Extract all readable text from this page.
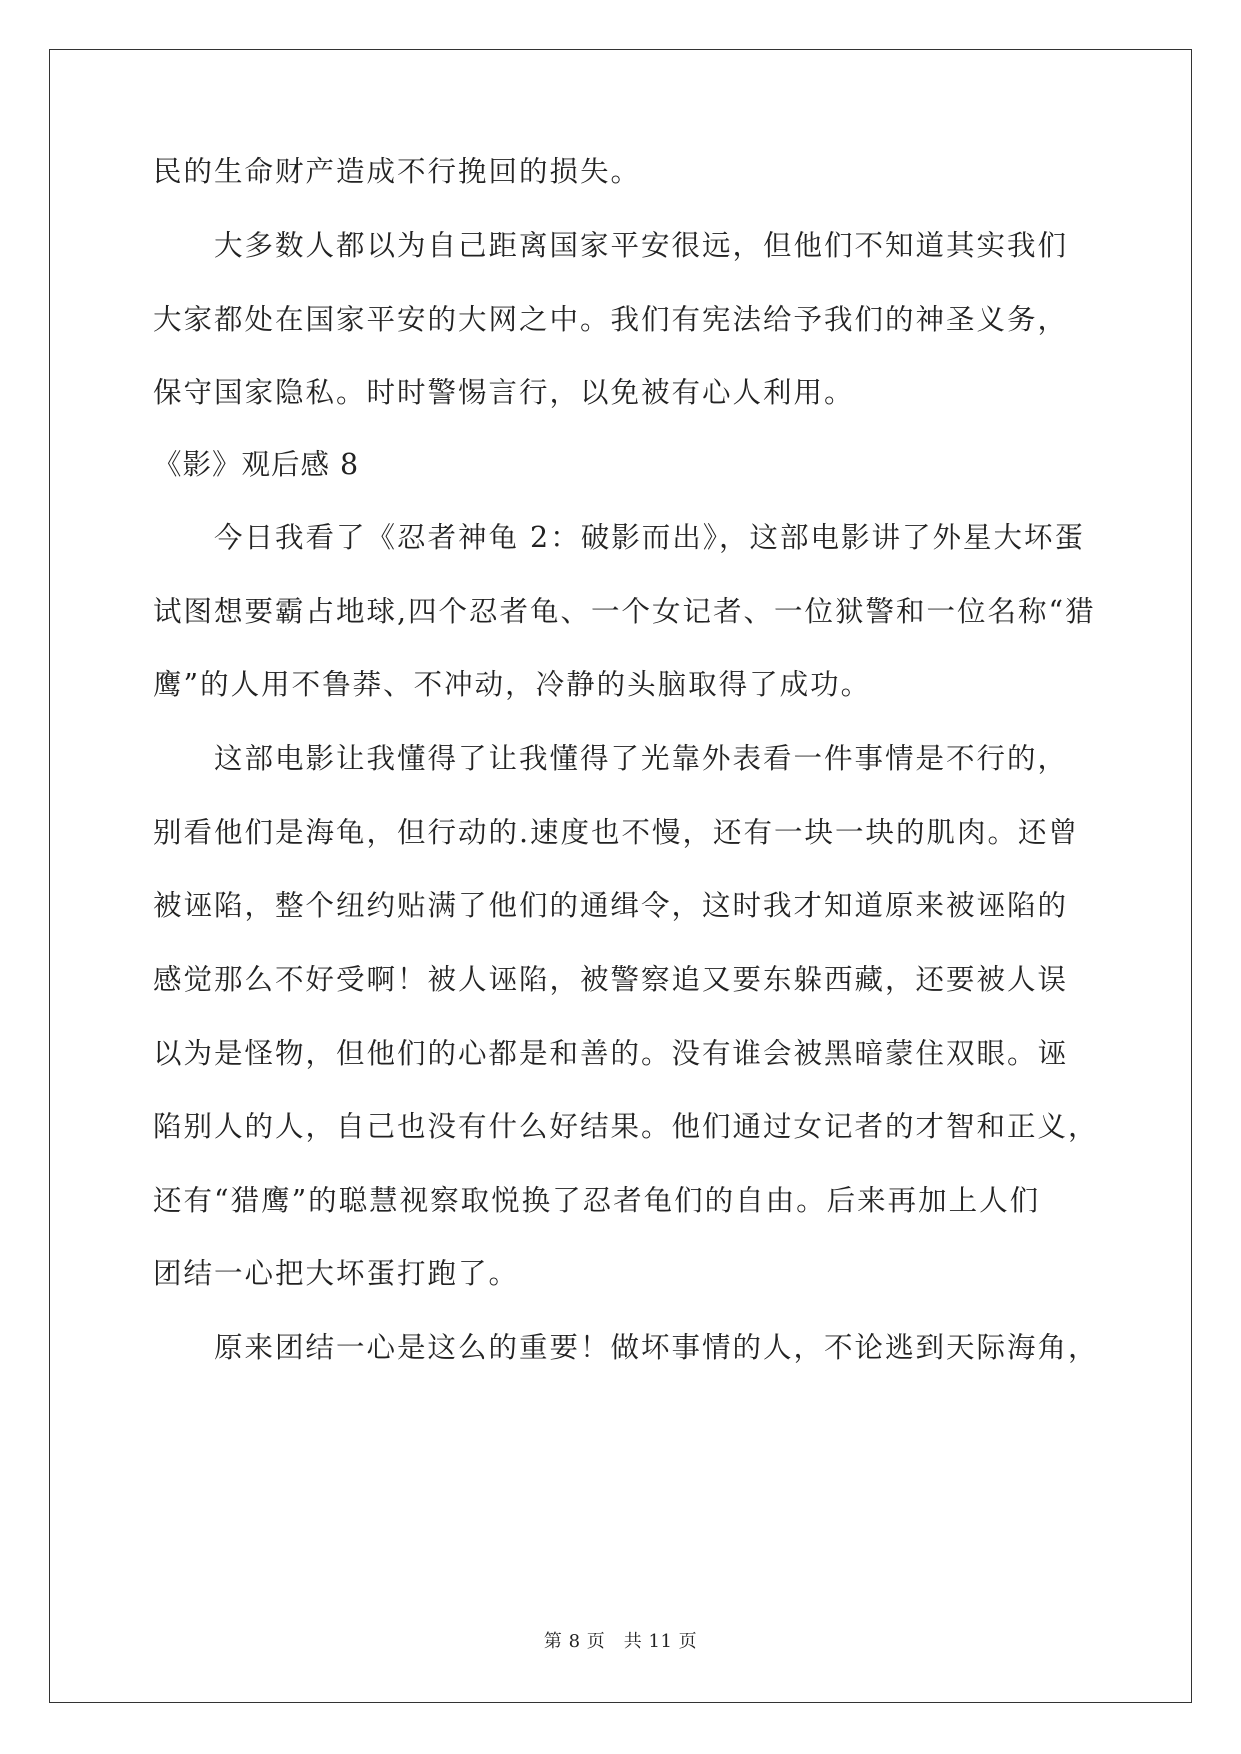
民的生命财产造成不行挽回的损失。
大多数人都以为自己距离国家平安很远，但他们不知道其实我们
大家都处在国家平安的大网之中。我们有宪法给予我们的神圣义务，
保守国家隐私。时时警惕言行，以免被有心人利用。
《影》观后感 8
今日我看了《忍者神龟 2：破影而出》，这部电影讲了外星大坏蛋
试图想要霸占地球,四个忍者龟、一个女记者、一位狱警和一位名称“猎
鹰”的人用不鲁莽、不冲动，冷静的头脑取得了成功。
这部电影让我懂得了让我懂得了光靠外表看一件事情是不行的，
别看他们是海龟，但行动的.速度也不慢，还有一块一块的肌肉。还曾
被诬陷，整个纽约贴满了他们的通缉令，这时我才知道原来被诬陷的
感觉那么不好受啊！被人诬陷，被警察追又要东躲西藏，还要被人误
以为是怪物，但他们的心都是和善的。没有谁会被黑暗蒙住双眼。诬
陷别人的人，自己也没有什么好结果。他们通过女记者的才智和正义，
还有“猎鹰”的聪慧视察取悦换了忍者龟们的自由。后来再加上人们
团结一心把大坏蛋打跑了。
原来团结一心是这么的重要！做坏事情的人，不论逃到天际海角，
第 8 页　共 11 页
